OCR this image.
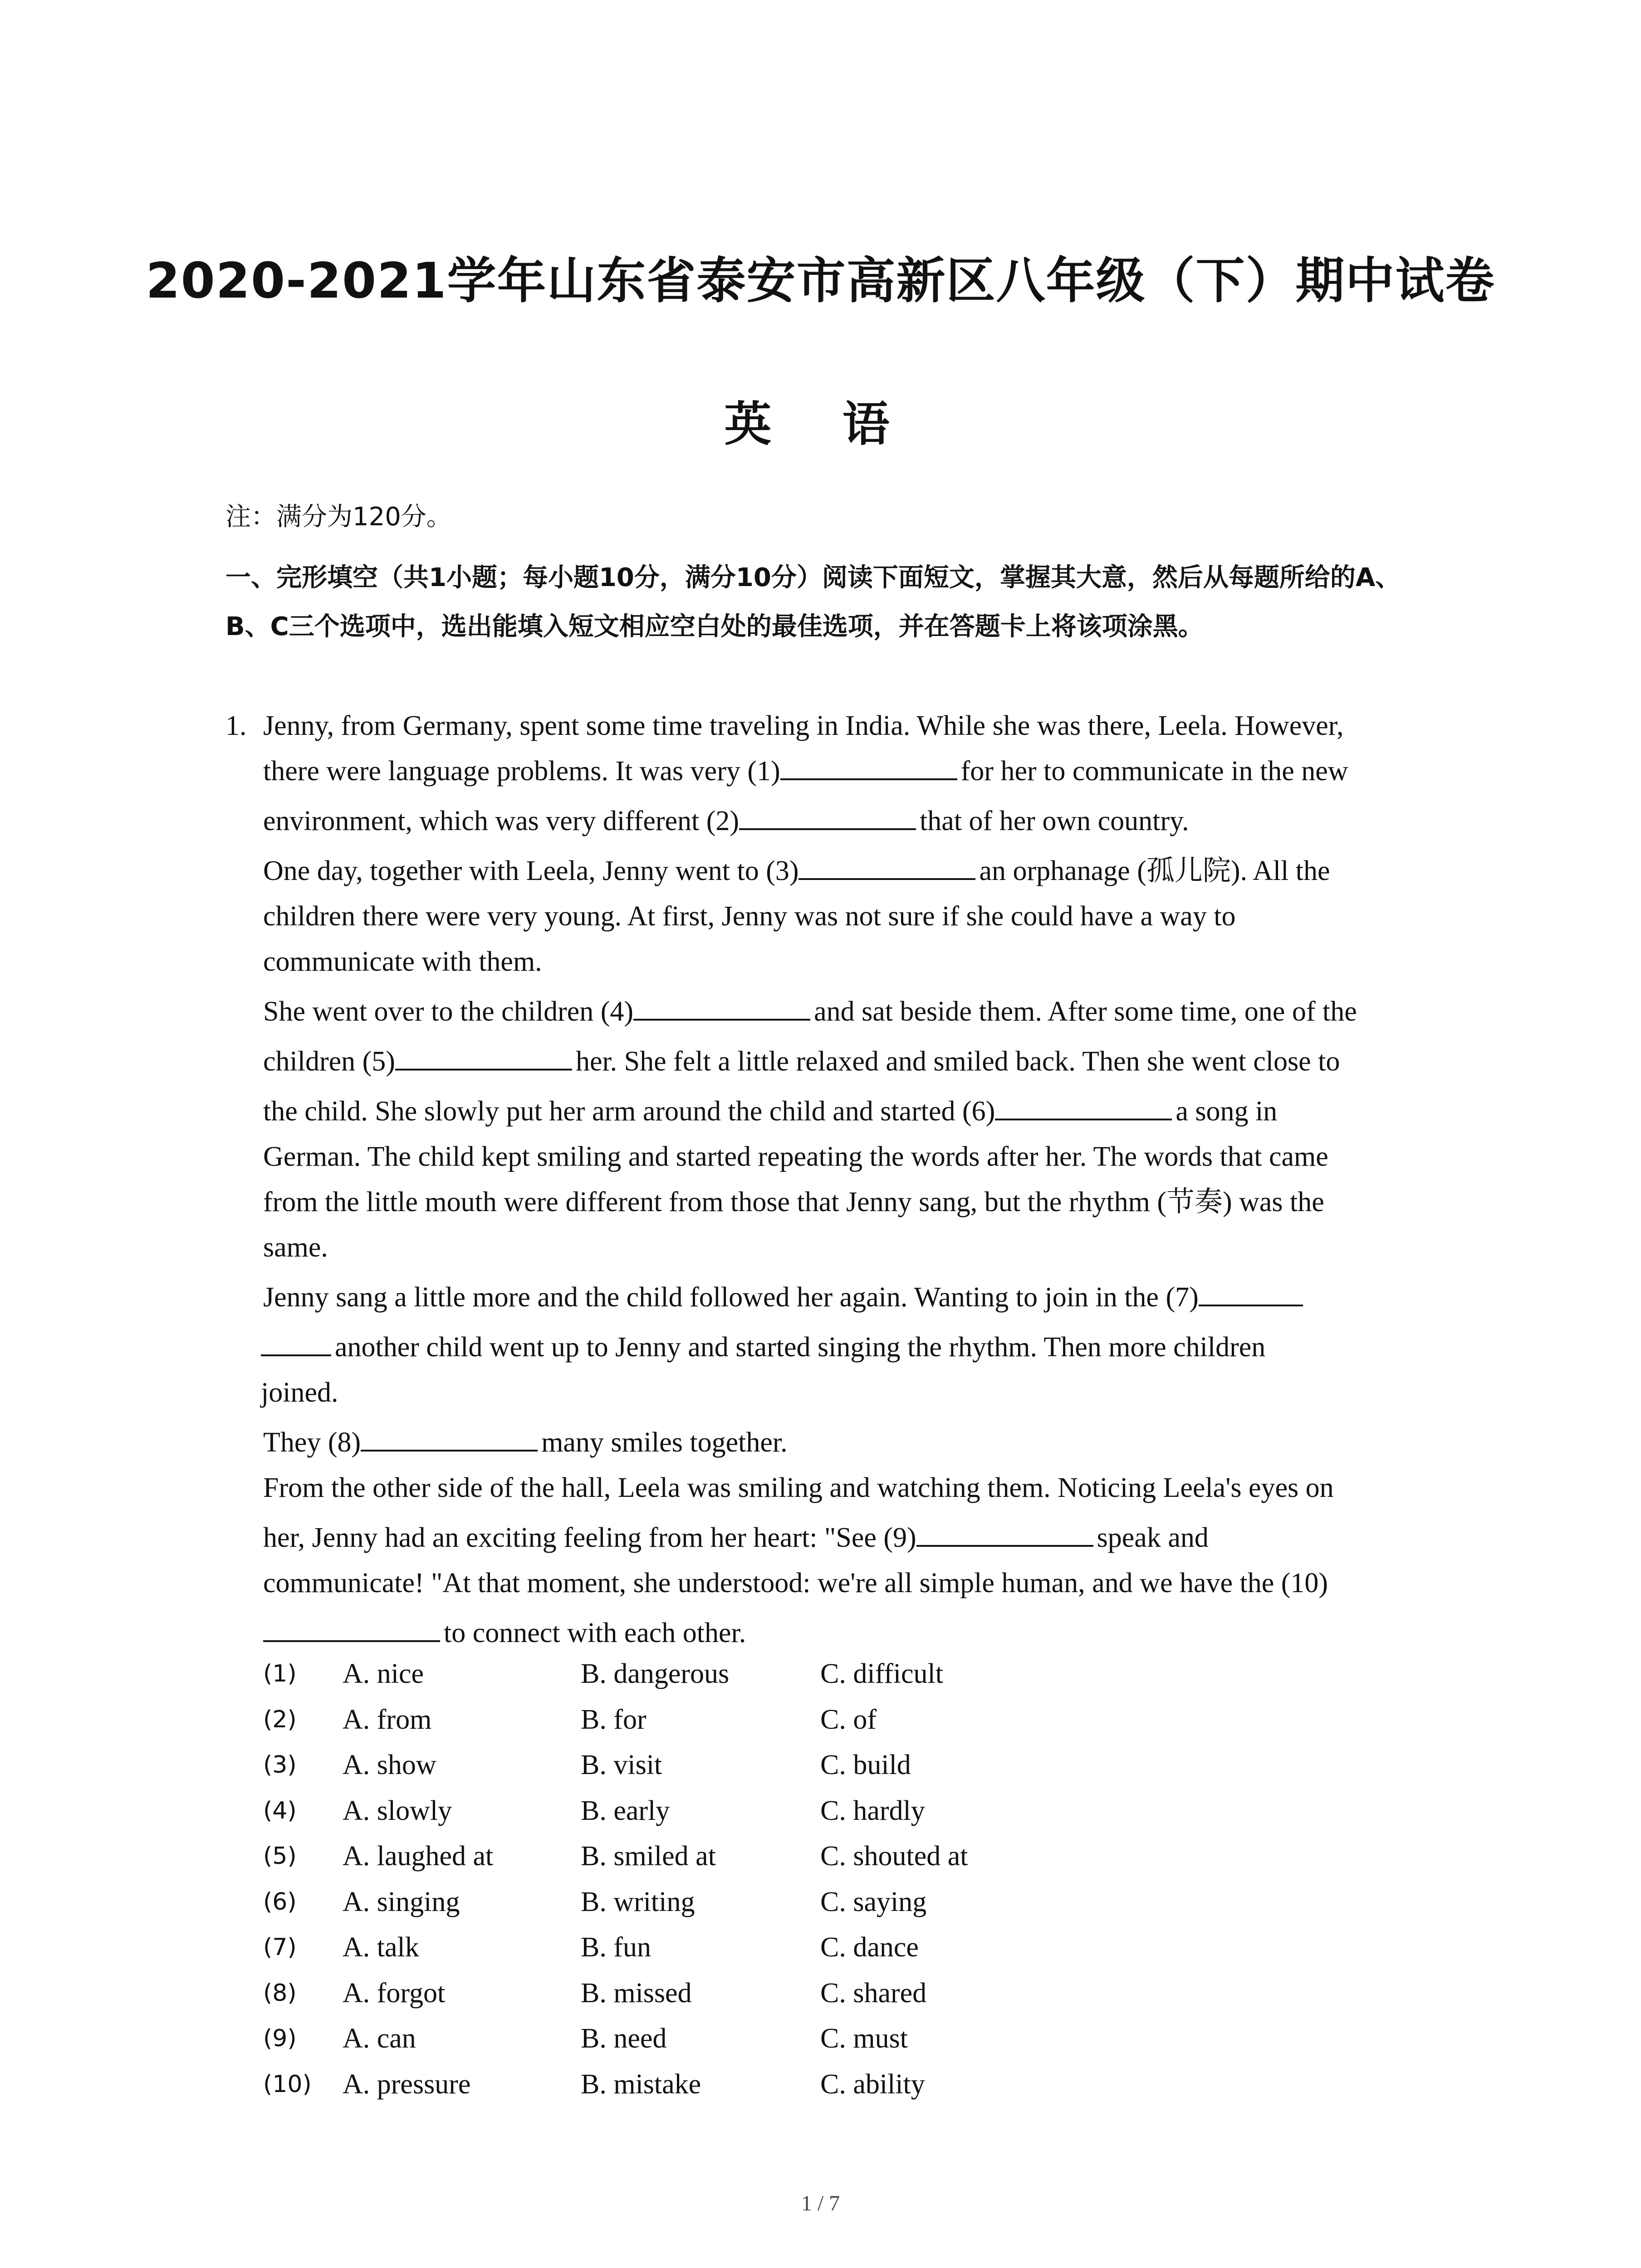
2020-2021学年山东省泰安市高新区八年级（下）期中试卷
英 语
注：满分为120分。
一、完形填空（共1小题；每小题10分，满分10分）阅读下面短文，掌握其大意，然后从每题所给的A、B、C三个选项中，选出能填入短文相应空白处的最佳选项，并在答题卡上将该项涂黑。
1. Jenny, from Germany, spent some time traveling in India. While she was there, Leela. However,
there were language problems. It was very (1)	for her to communicate in the new
environment, which was very different (2)	that of her own country.
One day, together with Leela, Jenny went to (3)	an orphanage (孤儿院). All the
children there were very young. At first, Jenny was not sure if she could have a way to
communicate with them.
She went over to the children (4)	and sat beside them. After some time, one of the
children (5)	her. She felt a little relaxed and smiled back. Then she went close to
the child. She slowly put her arm around the child and started (6)	a song in
German. The child kept smiling and started repeating the words after her. The words that came
from the little mouth were different from those that Jenny sang, but the rhythm (节奏) was the
same.
Jenny sang a little more and the child followed her again. Wanting to join in the (7)
another child went up to Jenny and started singing the rhythm. Then more children
joined.
They (8)	many smiles together.
From the other side of the hall, Leela was smiling and watching them. Noticing Leela's eyes on
her, Jenny had an exciting feeling from her heart: "See (9)	speak and
communicate! "At that moment, she understood: we're all simple human, and we have the (10)
to connect with each other.
(1) A. nice	B. dangerous	C. difficult
(2) A. from	B. for	C. of
(3) A. show	B. visit	C. build
(4) A. slowly	B. early	C. hardly
(5) A. laughed at	B. smiled at	C. shouted at
(6) A. singing	B. writing	C. saying
(7) A. talk	B. fun	C. dance
(8) A. forgot	B. missed	C. shared
(9) A. can	B. need	C. must
(10) A. pressure	B. mistake	C. ability
1 / 7
